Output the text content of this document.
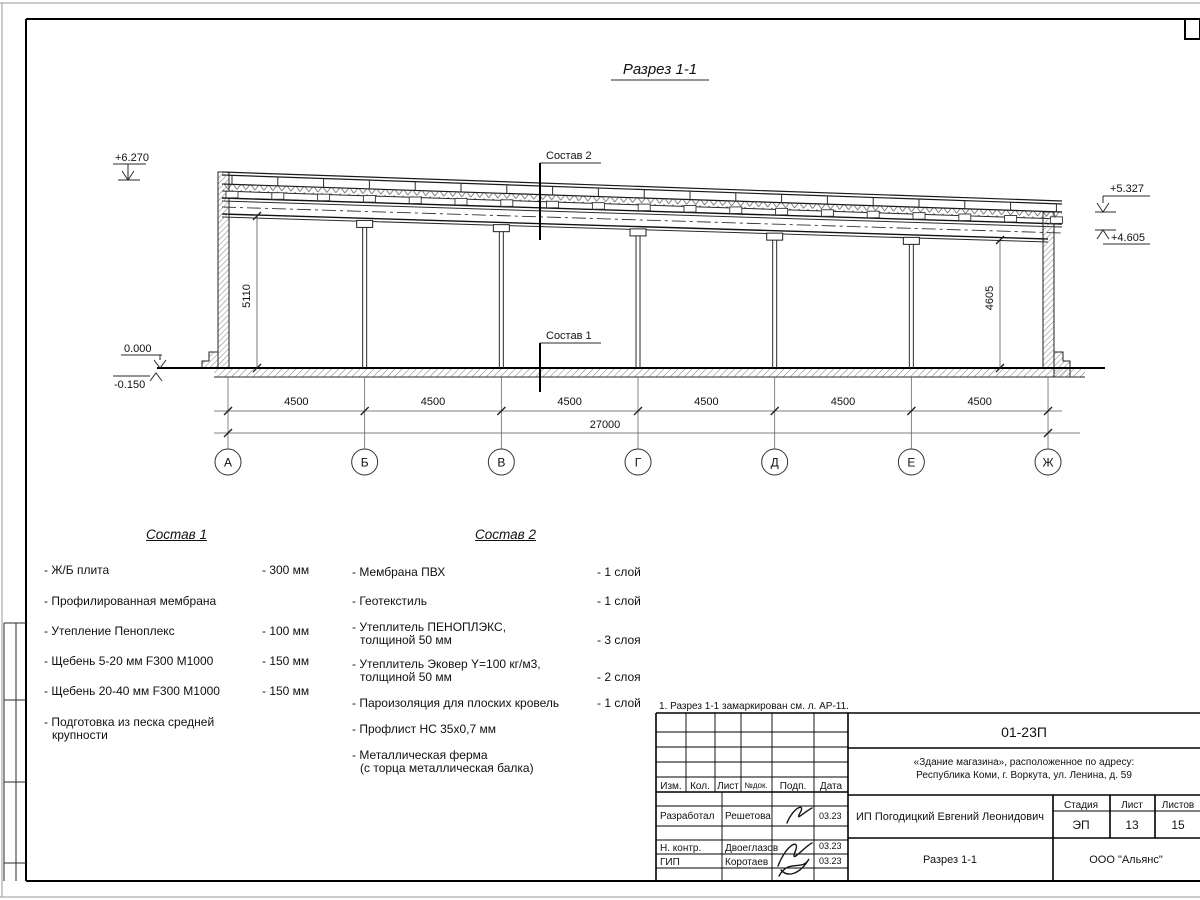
Разрез 1-1
+6.270
0.000
-0.150
+5.327
+4.605
5110	4605
Состав 2
Состав 1
27000
А	Б	В	Г	Д	Е	Ж
4500	4500	4500	4500	4500	4500
Изм. Кол. Лист №док. Подп. Дата
Разработал Решетова	03.23
Н. контр. Двоеглазов	03.23
ГИП	Коротаев	03.23
01-23П
«Здание магазина», расположенное по адресу:
Республика Коми, г. Воркута, ул. Ленина, д. 59
ИП Погодицкий Евгений Леонидович
Разрез 1-1
Стадия Лист Листов
ЭП	13	15
ООО "Альянс"
1. Разрез 1-1 замаркирован см. л. АР-11.
Состав 1
- Ж/Б плита	- 300 мм
- Профилированная мембрана
- Утепление Пеноплекс	- 100 мм
- Щебень 5-20 мм F300 М1000	- 150 мм
- Щебень 20-40 мм F300 М1000	- 150 мм
- Подготовка из песка средней
крупности
Состав 2
- Мембрана ПВХ	- 1 слой
- Геотекстиль	- 1 слой
- Утеплитель ПЕНОПЛЭКС,
толщиной 50 мм	- 3 слоя
- Утеплитель Эковер Y=100 кг/м3,
толщиной 50 мм	- 2 слоя
- Пароизоляция для плоских кровель	- 1 слой
- Профлист НС 35х0,7 мм
- Металлическая ферма
(с торца металлическая балка)
